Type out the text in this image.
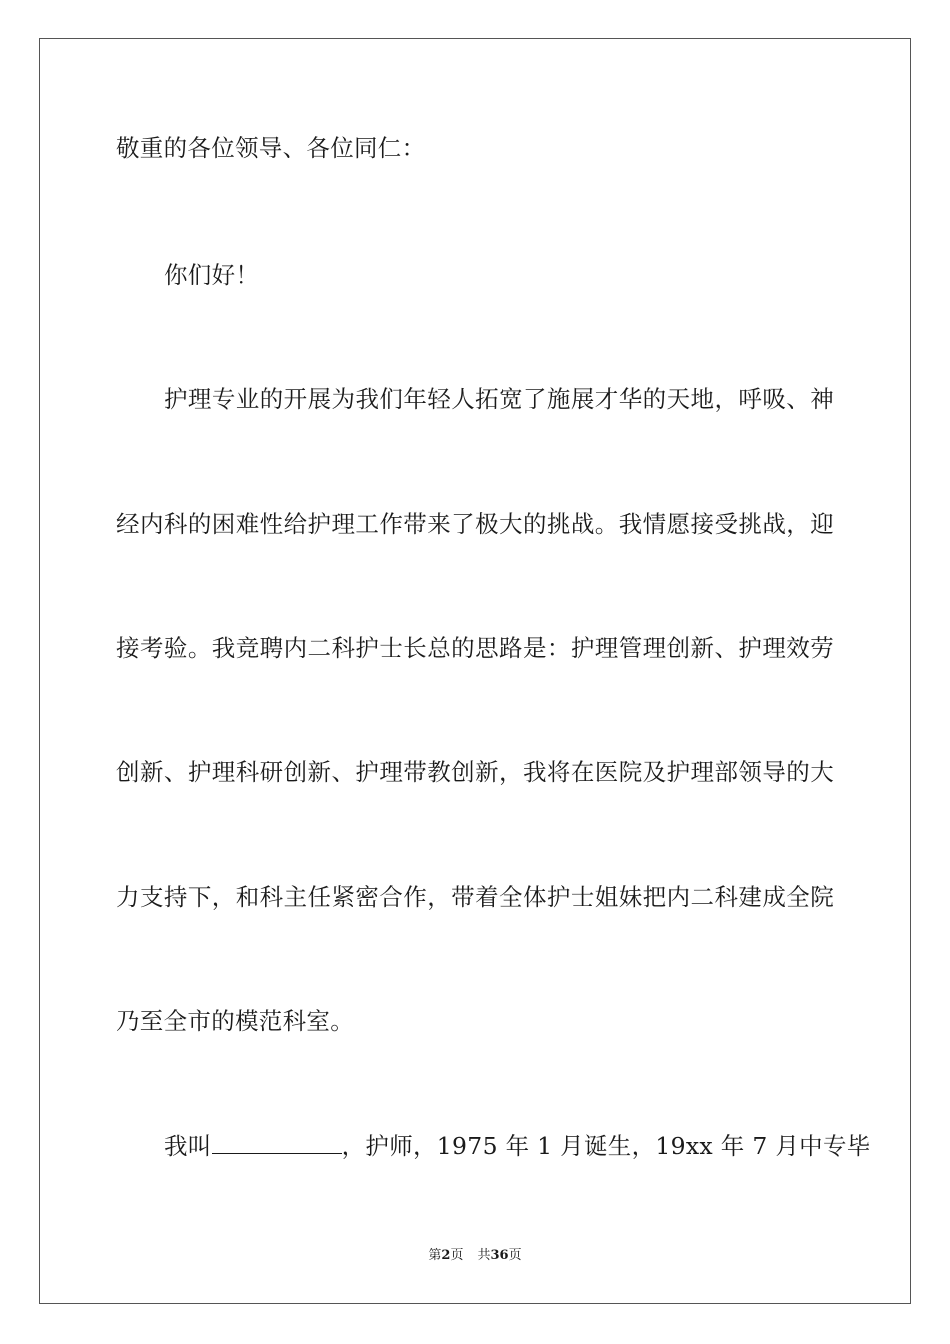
敬重的各位领导、各位同仁：
你们好！
护理专业的开展为我们年轻人拓宽了施展才华的天地，呼吸、神
经内科的困难性给护理工作带来了极大的挑战。我情愿接受挑战，迎
接考验。我竞聘内二科护士长总的思路是：护理管理创新、护理效劳
创新、护理科研创新、护理带教创新，我将在医院及护理部领导的大
力支持下，和科主任紧密合作，带着全体护士姐妹把内二科建成全院
乃至全市的模范科室。
我叫	，护师，1975 年 1 月诞生，19xx 年 7 月中专毕
第2页 共36页
